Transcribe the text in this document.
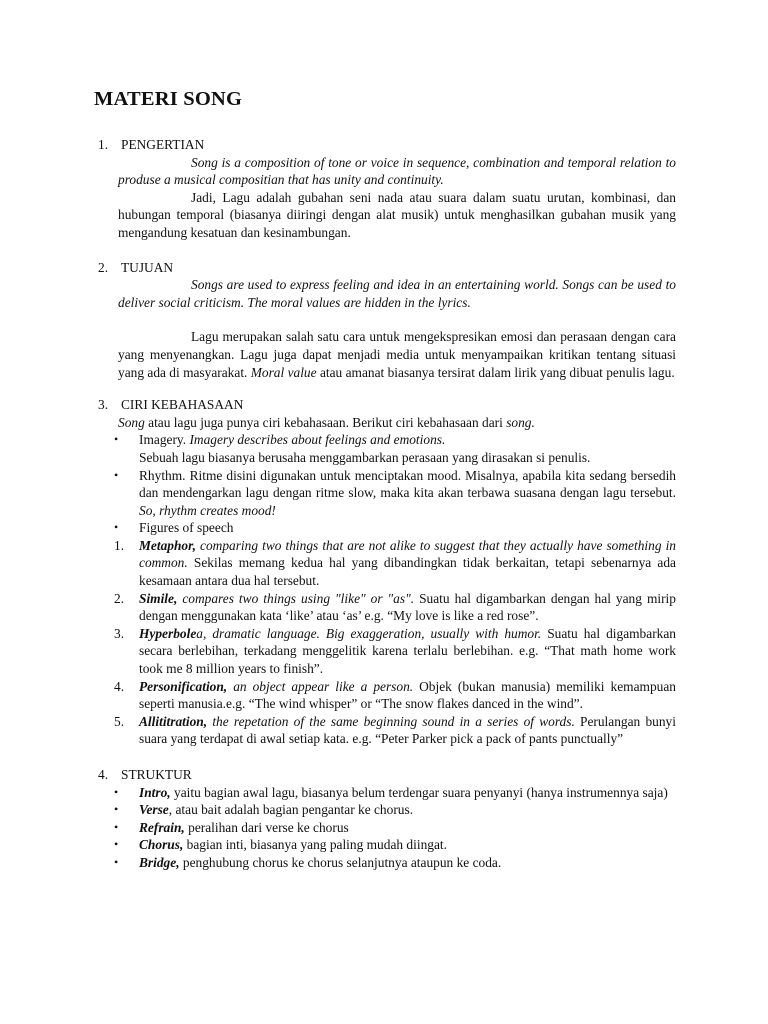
MATERI SONG

1. PENGERTIAN

Song is a composition of tone or voice in sequence, combination and temporal relation to produse a musical compositian that has unity and continuity.

Jadi, Lagu adalah gubahan seni nada atau suara dalam suatu urutan, kombinasi, dan hubungan temporal (biasanya diiringi dengan alat musik) untuk menghasilkan gubahan musik yang mengandung kesatuan dan kesinambungan.

2. TUJUAN

Songs are used to express feeling and idea in an entertaining world. Songs can be used to deliver social criticism. The moral values are hidden in the lyrics.

Lagu merupakan salah satu cara untuk mengekspresikan emosi dan perasaan dengan cara yang menyenangkan. Lagu juga dapat menjadi media untuk menyampaikan kritikan tentang situasi yang ada di masyarakat. Moral value atau amanat biasanya tersirat dalam lirik yang dibuat penulis lagu.

3. CIRI KEBAHASAAN

Song atau lagu juga punya ciri kebahasaan. Berikut ciri kebahasaan dari song.

• Imagery. Imagery describes about feelings and emotions.

Sebuah lagu biasanya berusaha menggambarkan perasaan yang dirasakan si penulis.

• Rhythm. Ritme disini digunakan untuk menciptakan mood. Misalnya, apabila kita sedang bersedih dan mendengarkan lagu dengan ritme slow, maka kita akan terbawa suasana dengan lagu tersebut. So, rhythm creates mood!

• Figures of speech

1. Metaphor, comparing two things that are not alike to suggest that they actually have something in common. Sekilas memang kedua hal yang dibandingkan tidak berkaitan, tetapi sebenarnya ada kesamaan antara dua hal tersebut.

2. Simile, compares two things using "like" or "as". Suatu hal digambarkan dengan hal yang mirip dengan menggunakan kata ‘like’ atau ‘as’ e.g. “My love is like a red rose”.

3. Hyperbolea, dramatic language. Big exaggeration, usually with humor. Suatu hal digambarkan secara berlebihan, terkadang menggelitik karena terlalu berlebihan. e.g. “That math home work took me 8 million years to finish”.

4. Personification, an object appear like a person. Objek (bukan manusia) memiliki kemampuan seperti manusia.e.g. “The wind whisper” or “The snow flakes danced in the wind”.

5. Allititration, the repetation of the same beginning sound in a series of words. Perulangan bunyi suara yang terdapat di awal setiap kata. e.g. “Peter Parker pick a pack of pants punctually”

4. STRUKTUR

• Intro, yaitu bagian awal lagu, biasanya belum terdengar suara penyanyi (hanya instrumennya saja)

• Verse, atau bait adalah bagian pengantar ke chorus.

• Refrain, peralihan dari verse ke chorus

• Chorus, bagian inti, biasanya yang paling mudah diingat.

• Bridge, penghubung chorus ke chorus selanjutnya ataupun ke coda.
